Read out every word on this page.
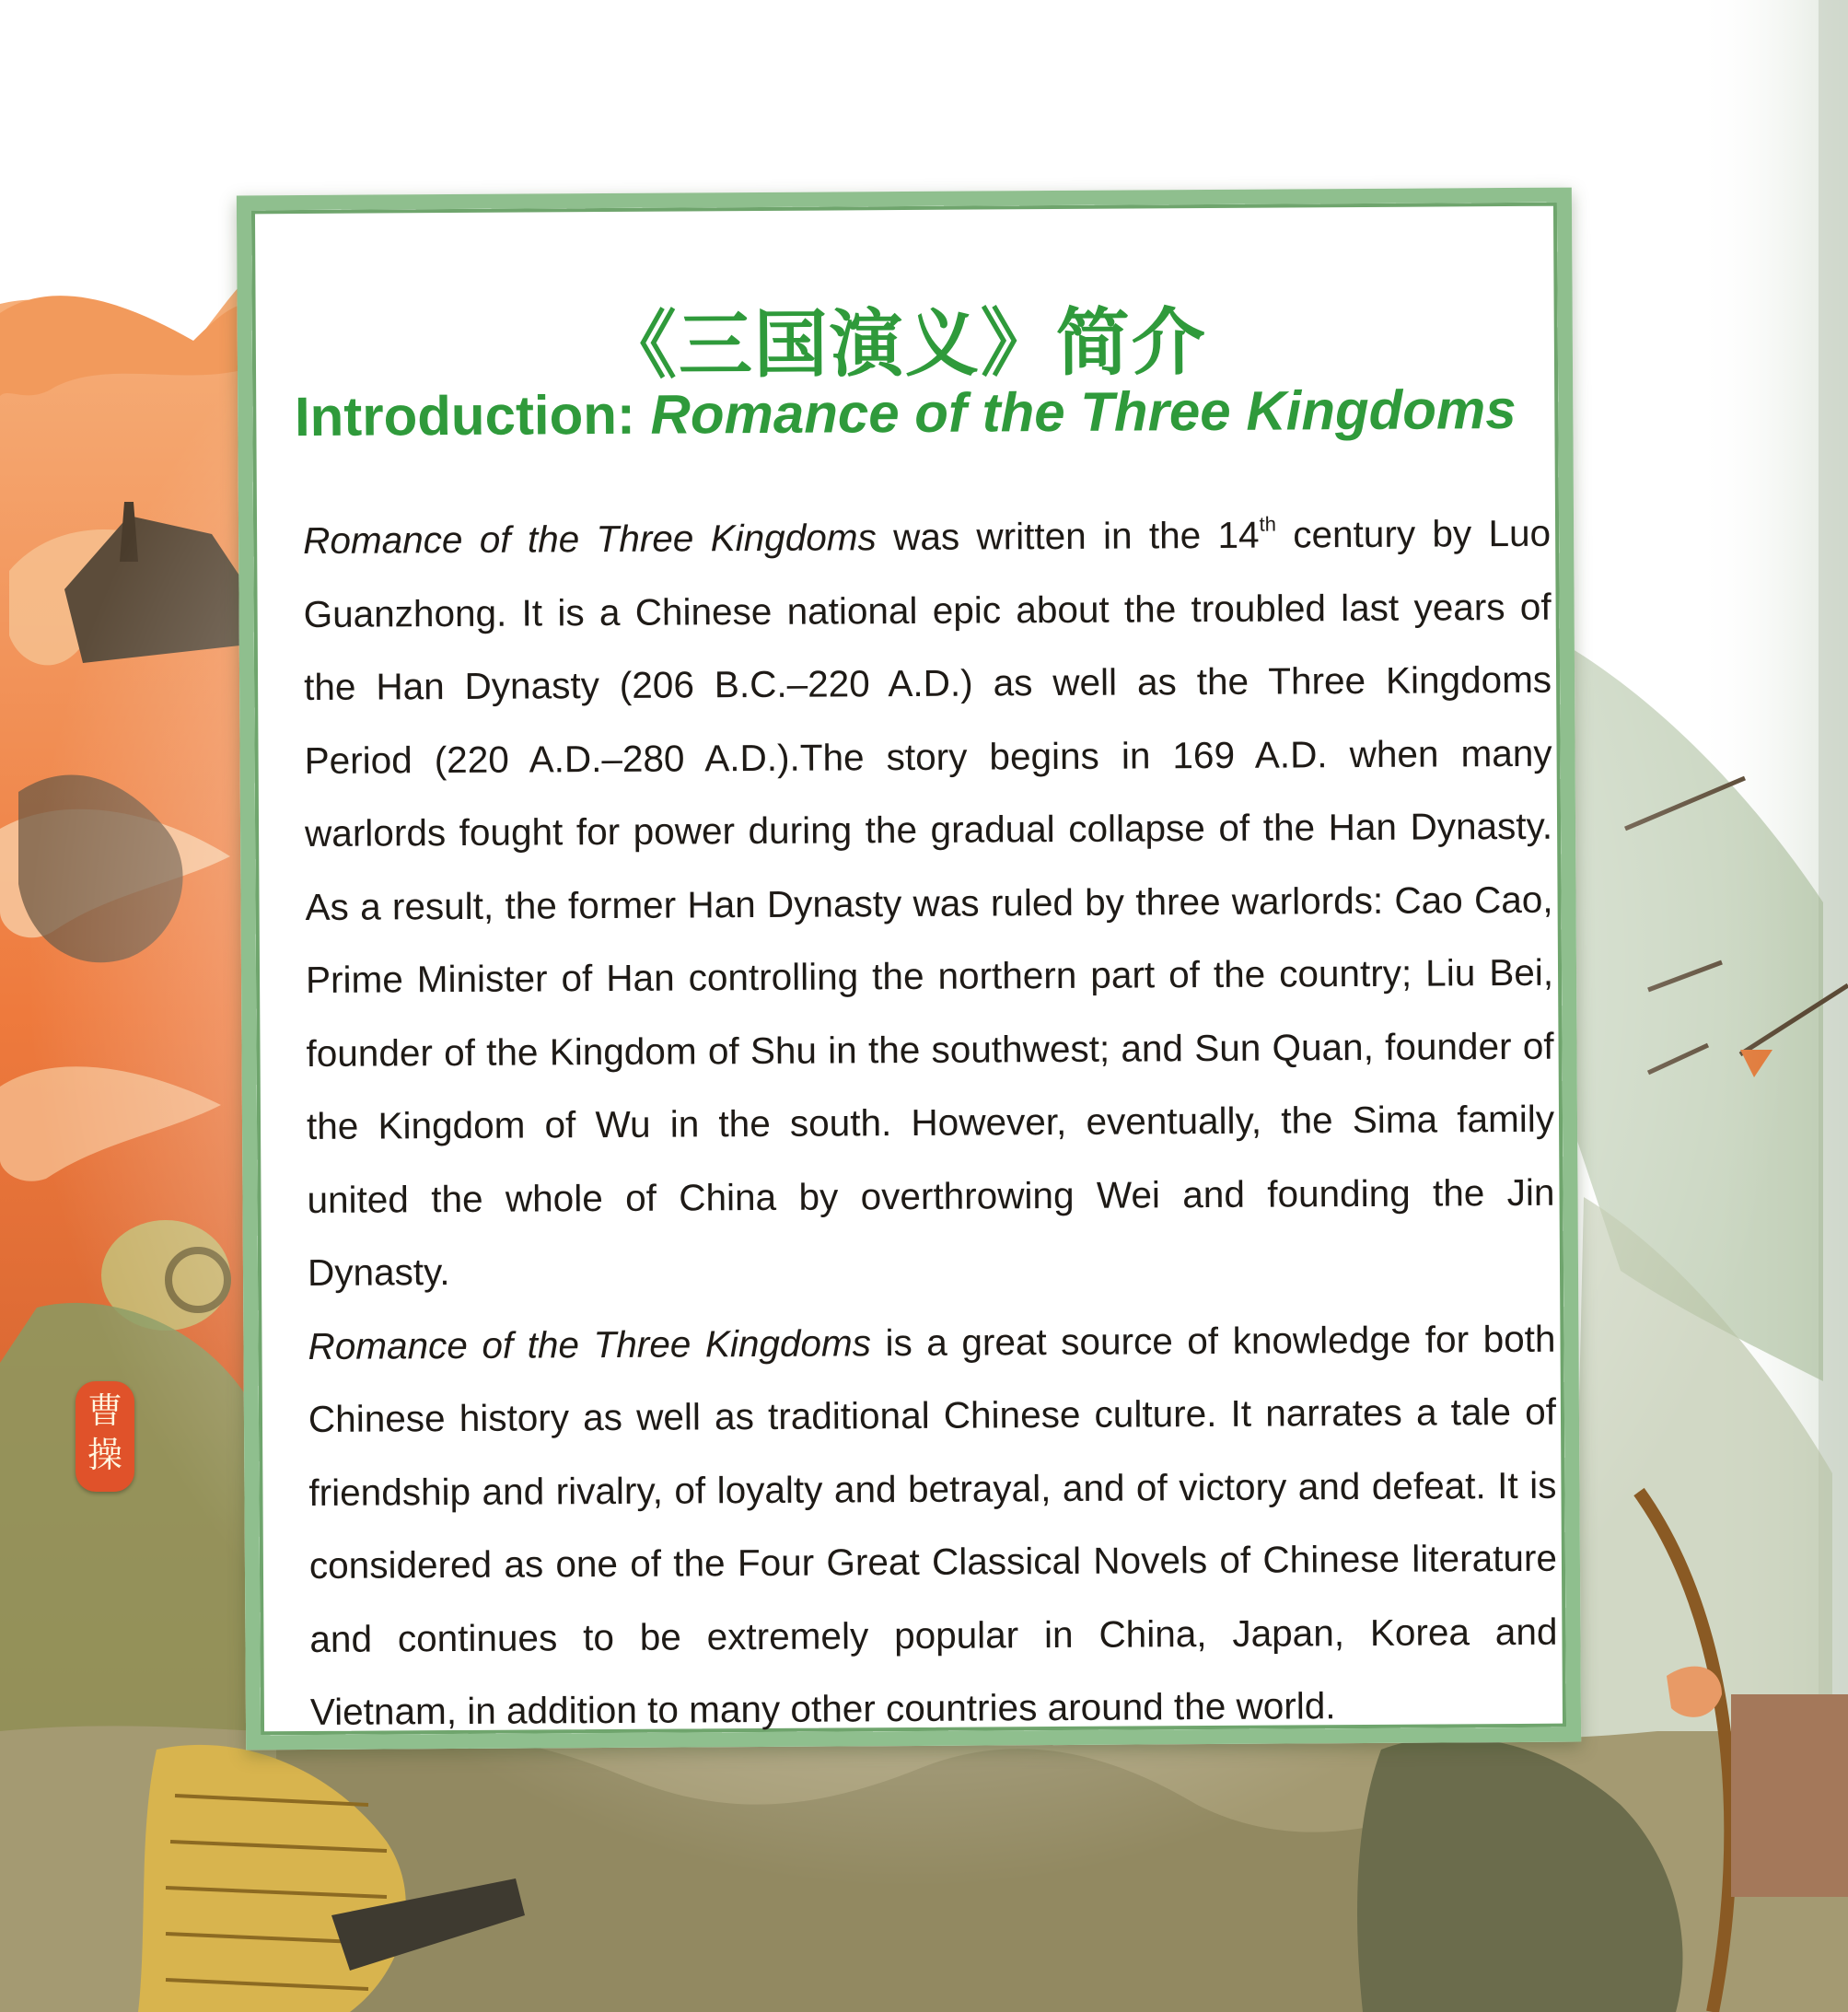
曹
操
《三国演义》简介
Introduction: Romance of the Three Kingdoms

Romance of the Three Kingdoms was written in the 14th century by Luo Guanzhong. It is a Chinese national epic about the troubled last years of the Han Dynasty (206 B.C.–220 A.D.) as well as the Three Kingdoms Period (220 A.D.–280 A.D.).The story begins in 169 A.D. when many warlords fought for power during the gradual collapse of the Han Dynasty. As a result, the former Han Dynasty was ruled by three warlords: Cao Cao, Prime Minister of Han controlling the northern part of the country; Liu Bei, founder of the Kingdom of Shu in the southwest; and Sun Quan, founder of the Kingdom of Wu in the south. However, eventually, the Sima family united the whole of China by overthrowing Wei and founding the Jin Dynasty.

Romance of the Three Kingdoms is a great source of knowledge for both Chinese history as well as traditional Chinese culture. It narrates a tale of friendship and rivalry, of loyalty and betrayal, and of victory and defeat. It is considered as one of the Four Great Classical Novels of Chinese literature and continues to be extremely popular in China, Japan, Korea and Vietnam, in addition to many other countries around the world.
